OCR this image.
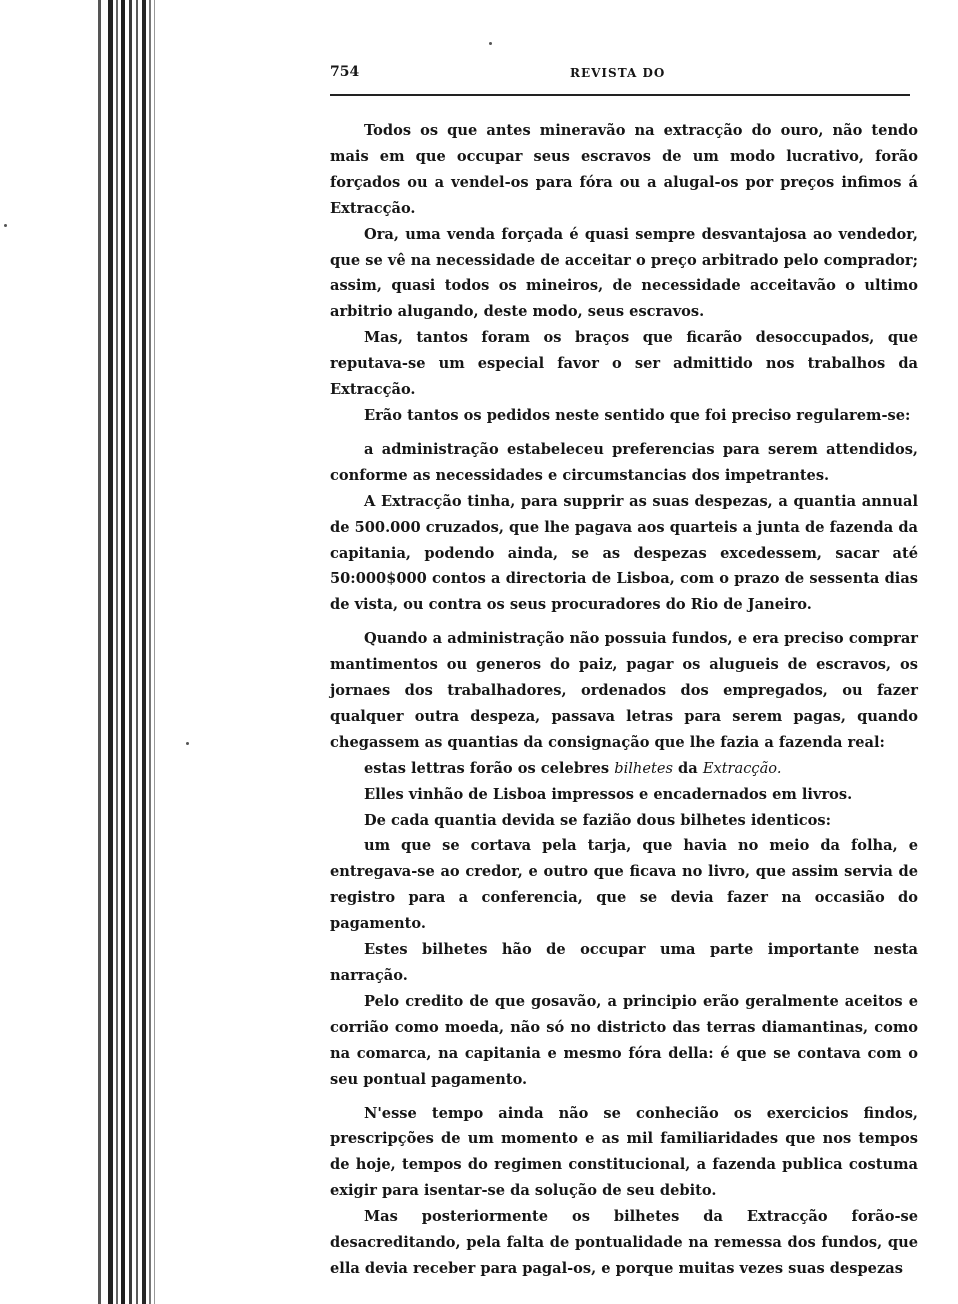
754	REVISTA DO

Todos os que antes mineravão na extracção do ouro, não tendo mais em que occupar seus escravos de um modo lucrativo, forão forçados ou a vendel-os para fóra ou a alugal-os por preços infimos á Extracção.

Ora, uma venda forçada é quasi sempre desvantajosa ao vendedor, que se vê na necessidade de acceitar o preço arbitrado pelo comprador; assim, quasi todos os mineiros, de necessidade acceitavão o ultimo arbitrio alugando, deste modo, seus escravos.

Mas, tantos foram os braços que ficarão desoccupados, que reputava-se um especial favor o ser admittido nos trabalhos da Extracção.

Erão tantos os pedidos neste sentido que foi preciso regularem-se:

a administração estabeleceu preferencias para serem attendidos, conforme as necessidades e circumstancias dos impetrantes.

A Extracção tinha, para supprir as suas despezas, a quantia annual de 500.000 cruzados, que lhe pagava aos quarteis a junta de fazenda da capitania, podendo ainda, se as despezas excedessem, sacar até 50:000$000 contos a directoria de Lisboa, com o prazo de sessenta dias de vista, ou contra os seus procuradores do Rio de Janeiro.

Quando a administração não possuia fundos, e era preciso comprar mantimentos ou generos do paiz, pagar os alugueis de escravos, os jornaes dos trabalhadores, ordenados dos empregados, ou fazer qualquer outra despeza, passava letras para serem pagas, quando chegassem as quantias da consignação que lhe fazia a fazenda real:

estas lettras forão os celebres bilhetes da Extracção.

Elles vinhão de Lisboa impressos e encadernados em livros.

De cada quantia devida se fazião dous bilhetes identicos:

um que se cortava pela tarja, que havia no meio da folha, e entregava-se ao credor, e outro que ficava no livro, que assim servia de registro para a conferencia, que se devia fazer na occasião do pagamento.

Estes bilhetes hão de occupar uma parte importante nesta narração.

Pelo credito de que gosavão, a principio erão geralmente aceitos e corrião como moeda, não só no districto das terras diamantinas, como na comarca, na capitania e mesmo fóra della: é que se contava com o seu pontual pagamento.

N'esse tempo ainda não se conhecião os exercicios findos, prescripções de um momento e as mil familiaridades que nos tempos de hoje, tempos do regimen constitucional, a fazenda publica costuma exigir para isentar-se da solução de seu debito.

Mas posteriormente os bilhetes da Extracção forão-se desacreditando, pela falta de pontualidade na remessa dos fundos, que ella devia receber para pagal-os, e porque muitas vezes suas despezas
